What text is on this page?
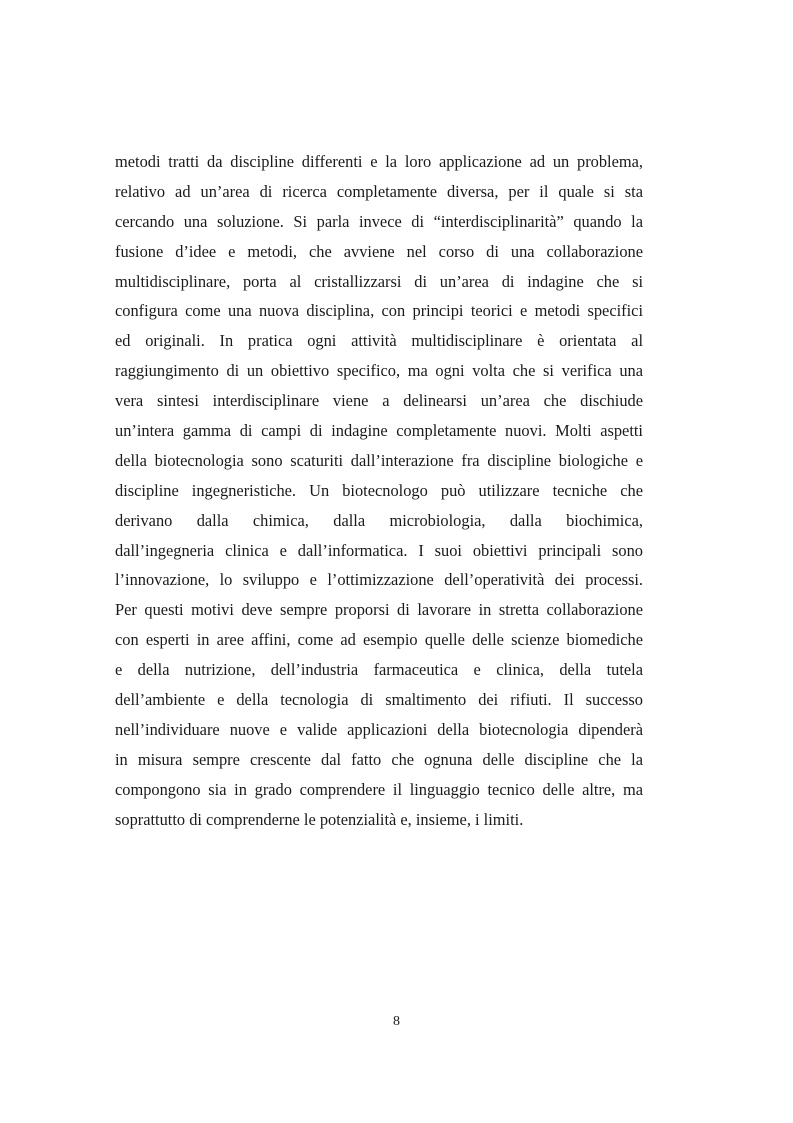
metodi tratti da discipline differenti e la loro applicazione ad un problema,
relativo ad un’area di ricerca completamente diversa, per il quale si sta
cercando una soluzione. Si parla invece di “interdisciplinarità” quando la
fusione d’idee e metodi, che avviene nel corso di una collaborazione
multidisciplinare, porta al cristallizzarsi di un’area di indagine che si
configura come una nuova disciplina, con principi teorici e metodi specifici
ed originali. In pratica ogni attività multidisciplinare è orientata al
raggiungimento di un obiettivo specifico, ma ogni volta che si verifica una
vera sintesi interdisciplinare viene a delinearsi un’area che dischiude
un’intera gamma di campi di indagine completamente nuovi. Molti aspetti
della biotecnologia sono scaturiti dall’interazione fra discipline biologiche e
discipline ingegneristiche. Un biotecnologo può utilizzare tecniche che
derivano dalla chimica, dalla microbiologia, dalla biochimica,
dall’ingegneria clinica e dall’informatica. I suoi obiettivi principali sono
l’innovazione, lo sviluppo e l’ottimizzazione dell’operatività dei processi.
Per questi motivi deve sempre proporsi di lavorare in stretta collaborazione
con esperti in aree affini, come ad esempio quelle delle scienze biomediche
e della nutrizione, dell’industria farmaceutica e clinica, della tutela
dell’ambiente e della tecnologia di smaltimento dei rifiuti. Il successo
nell’individuare nuove e valide applicazioni della biotecnologia dipenderà
in misura sempre crescente dal fatto che ognuna delle discipline che la
compongono sia in grado comprendere il linguaggio tecnico delle altre, ma
soprattutto di comprenderne le potenzialità e, insieme, i limiti.
8
